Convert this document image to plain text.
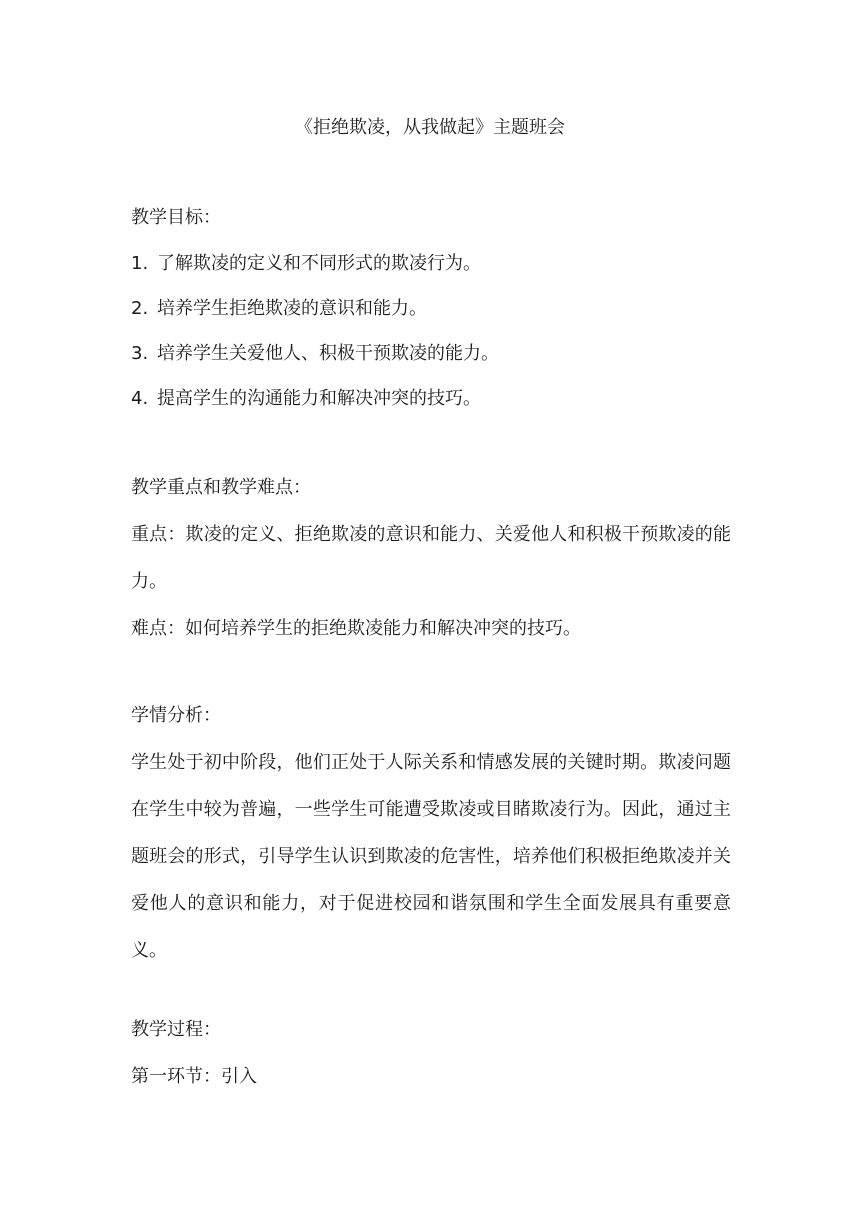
《拒绝欺凌，从我做起》主题班会

教学目标：

1. 了解欺凌的定义和不同形式的欺凌行为。
2. 培养学生拒绝欺凌的意识和能力。
3. 培养学生关爱他人、积极干预欺凌的能力。
4. 提高学生的沟通能力和解决冲突的技巧。

教学重点和教学难点：

重点：欺凌的定义、拒绝欺凌的意识和能力、关爱他人和积极干预欺凌的能力。

难点：如何培养学生的拒绝欺凌能力和解决冲突的技巧。

学情分析：

学生处于初中阶段，他们正处于人际关系和情感发展的关键时期。欺凌问题在学生中较为普遍，一些学生可能遭受欺凌或目睹欺凌行为。因此，通过主题班会的形式，引导学生认识到欺凌的危害性，培养他们积极拒绝欺凌并关爱他人的意识和能力，对于促进校园和谐氛围和学生全面发展具有重要意义。

教学过程：

第一环节：引入
